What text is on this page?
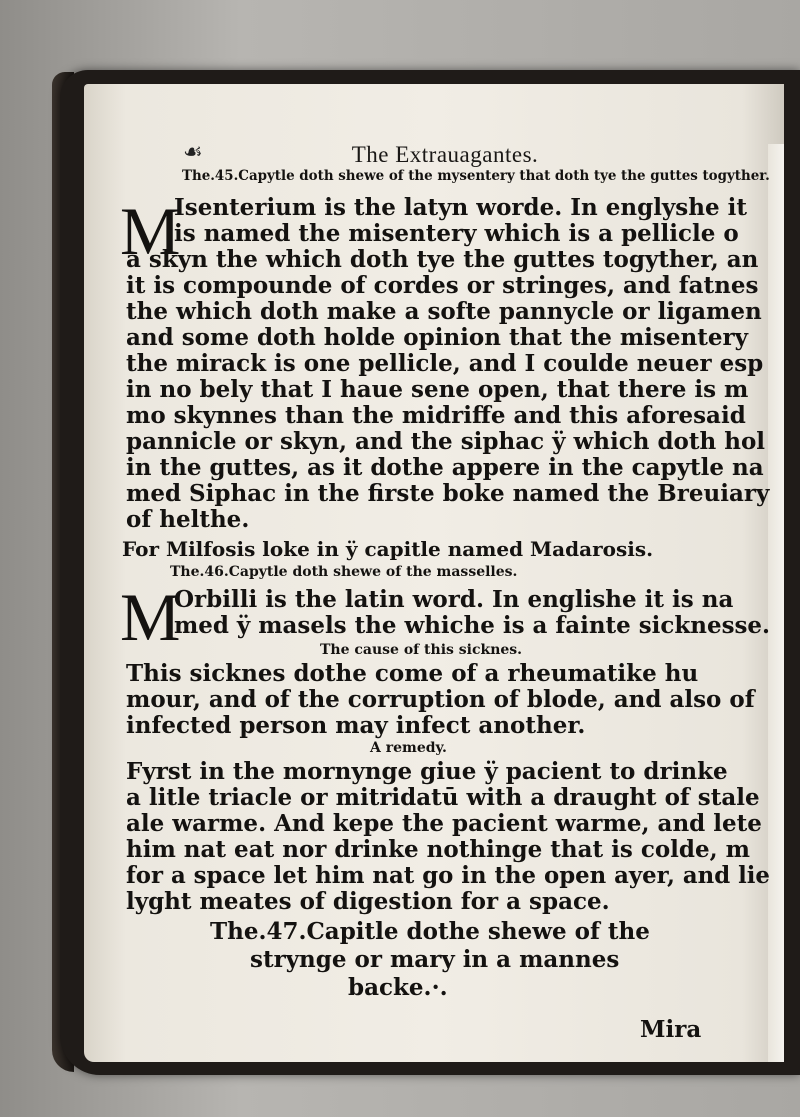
☙	The Extrauagantes.
The.45.Capytle doth shewe of the mysentery that doth tye the guttes togyther.
M
Isenterium is the latyn worde. In englyshe it
is named the misentery which is a pellicle o
a skyn the which doth tye the guttes togyther, an
it is compounde of cordes or stringes, and fatnes
the which doth make a softe pannycle or ligamen
and some doth holde opinion that the misentery
the mirack is one pellicle, and I coulde neuer esp
in no bely that I haue sene open, that there is m
mo skynnes than the midriffe and this aforesaid
pannicle or skyn, and the siphac ÿ which doth hol
in the guttes, as it dothe appere in the capytle na
med Siphac in the firste boke named the Breuiary
of helthe.
For Milfosis loke in ÿ capitle named Madarosis.
The.46.Capytle doth shewe of the masselles.
M
Orbilli is the latin word. In englishe it is na
med ÿ masels the whiche is a fainte sicknesse.
The cause of this sicknes.
This sicknes dothe come of a rheumatike hu
mour, and of the corruption of blode, and also of
infected person may infect another.
A remedy.
Fyrst in the mornynge giue ÿ pacient to drinke
a litle triacle or mitridatū with a draught of stale
ale warme. And kepe the pacient warme, and lete
him nat eat nor drinke nothinge that is colde, m
for a space let him nat go in the open ayer, and lie
lyght meates of digestion for a space.
The.47.Capitle dothe shewe of the
strynge or mary in a mannes
backe.·.
Mira
